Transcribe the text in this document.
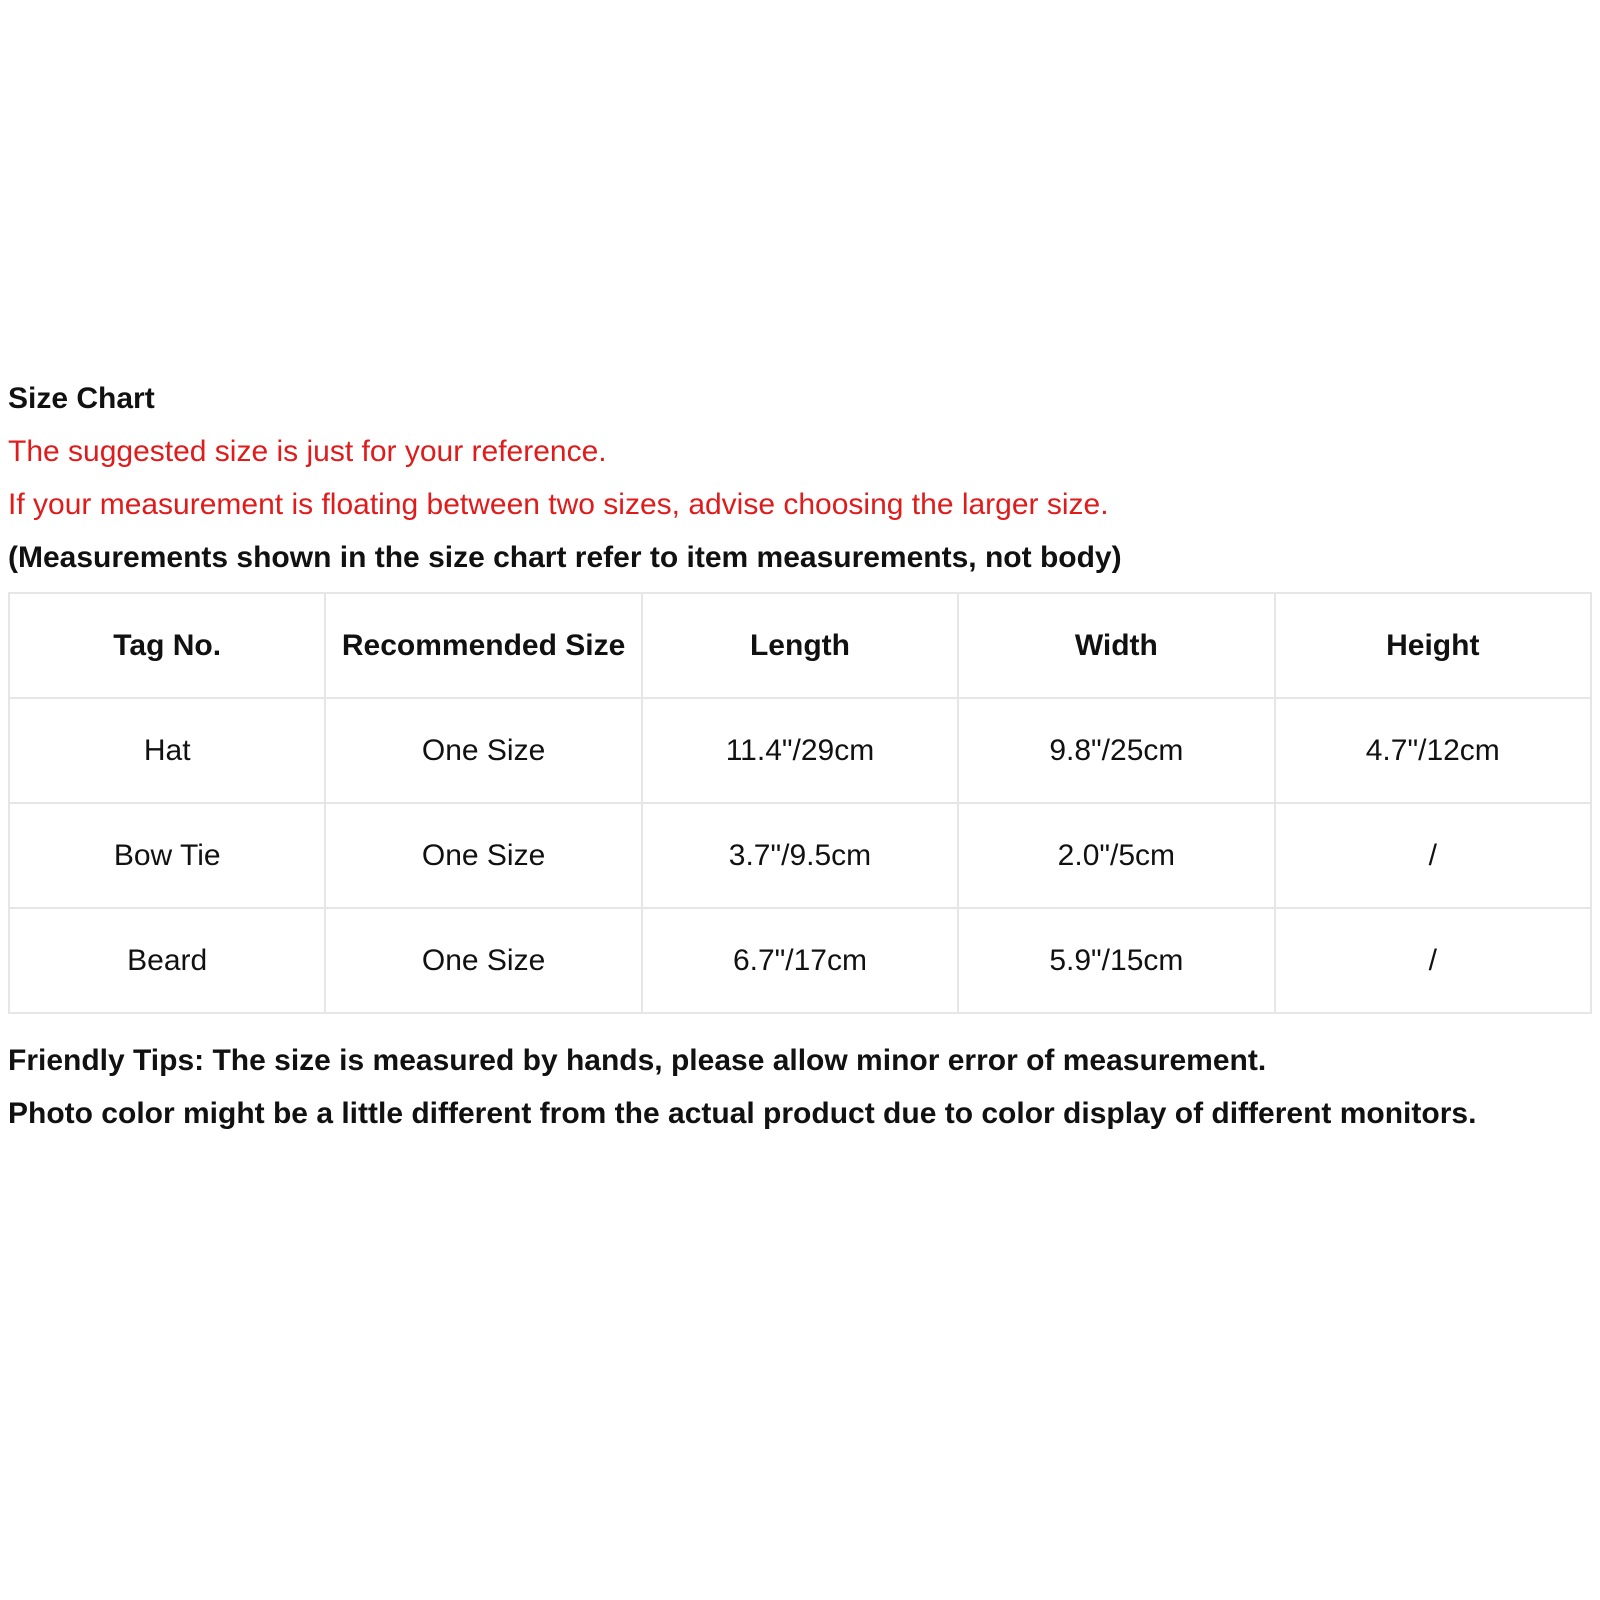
Size Chart
The suggested size is just for your reference.
If your measurement is floating between two sizes, advise choosing the larger size.
(Measurements shown in the size chart refer to item measurements, not body)
Tag No.	Recommended Size	Length	Width	Height
Hat	One Size	11.4"/29cm	9.8"/25cm	4.7"/12cm
Bow Tie	One Size	3.7"/9.5cm	2.0"/5cm	/
Beard	One Size	6.7"/17cm	5.9"/15cm	/
Friendly Tips: The size is measured by hands, please allow minor error of measurement.
Photo color might be a little different from the actual product due to color display of different monitors.
